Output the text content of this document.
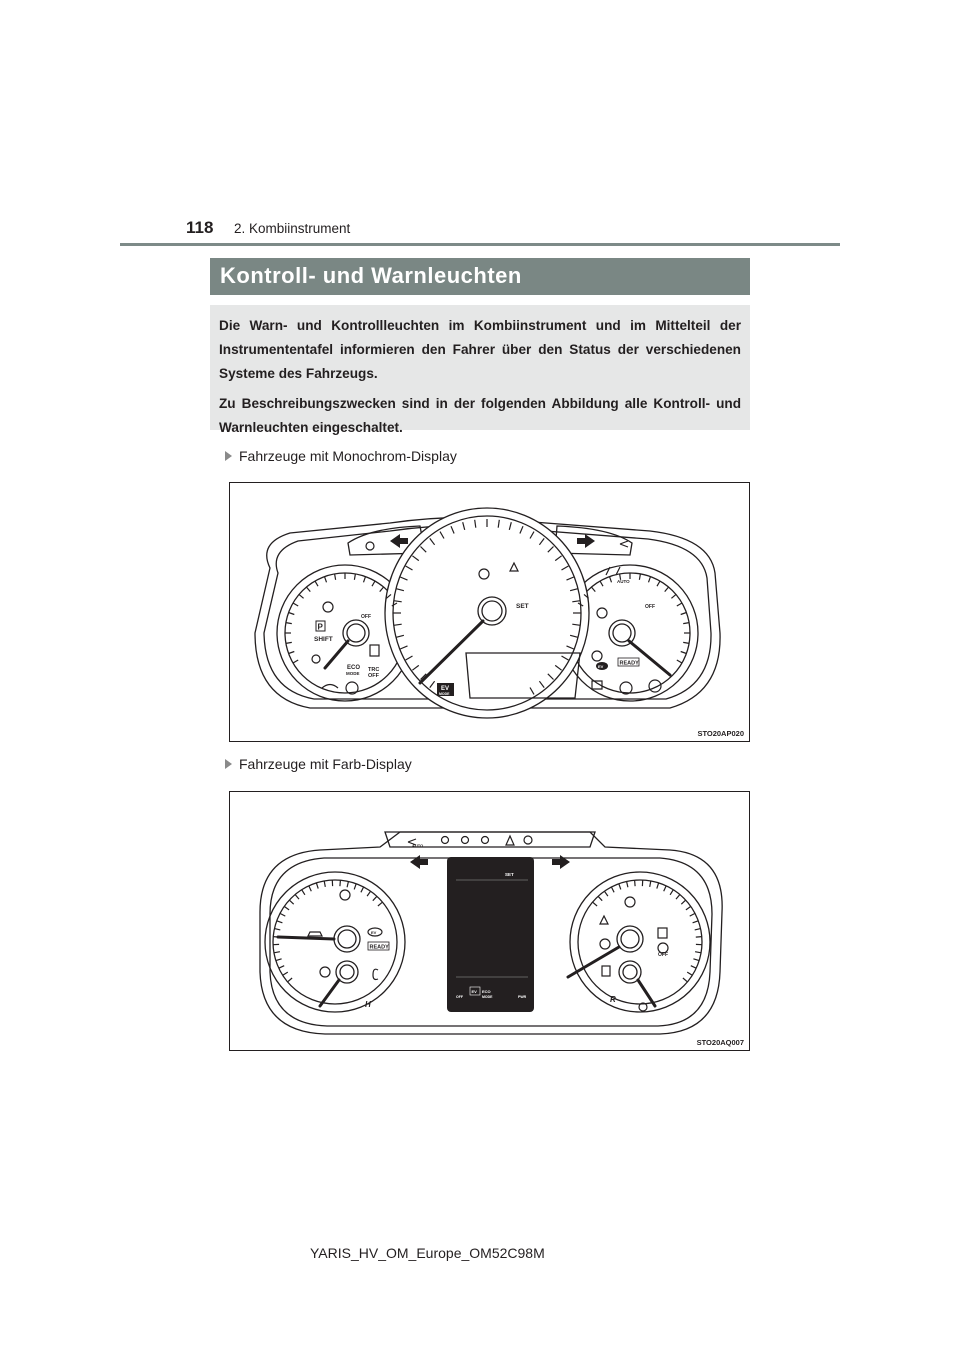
118 2. Kombiinstrument
Kontroll- und Warnleuchten

Die Warn- und Kontrollleuchten im Kombiinstrument und im Mittelteil der Instrumententafel informieren den Fahrer über den Status der verschiedenen Systeme des Fahrzeugs.

Zu Beschreibungszwecken sind in der folgenden Abbildung alle Kontroll- und Warnleuchten eingeschaltet.

Fahrzeuge mit Monochrom-Display
SHIFT
P
OFF
ECO
MODE
TRC
OFF
SET
AUTO
OFF
READY
EV
MODE
EV
STO20AP020
Fahrzeuge mit Farb-Display
SET
EV
OFF
ECO
MODE	PWR
AUTO
READY
EV
OFF
H
R
STO20AQ007
YARIS_HV_OM_Europe_OM52C98M
